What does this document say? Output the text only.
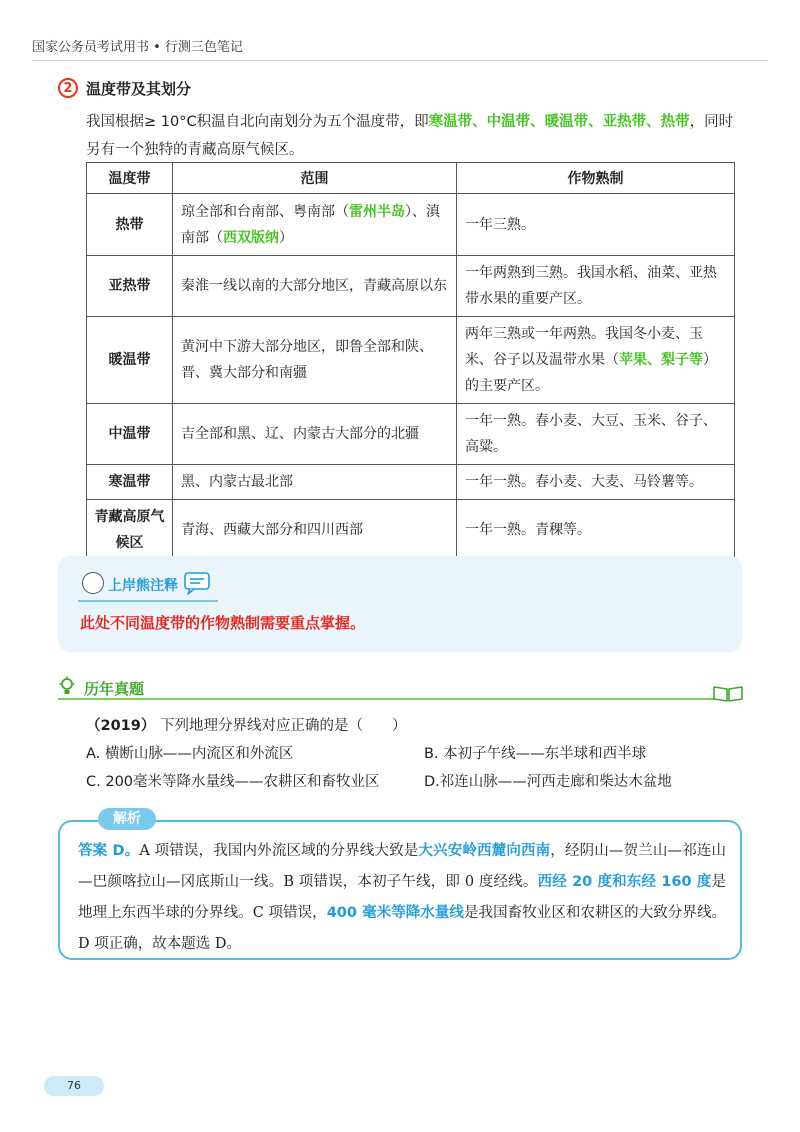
国家公务员考试用书 • 行测三色笔记
2 温度带及其划分
我国根据≥ 10°C积温自北向南划分为五个温度带，即寒温带、中温带、暖温带、亚热带、热带，同时另有一个独特的青藏高原气候区。
温度带	范围	作物熟制
热带	琼全部和台南部、粤南部（雷州半岛）、滇南部（西双版纳）	一年三熟。
亚热带	秦淮一线以南的大部分地区，青藏高原以东	一年两熟到三熟。我国水稻、油菜、亚热带水果的重要产区。
暖温带	黄河中下游大部分地区，即鲁全部和陕、晋、冀大部分和南疆	两年三熟或一年两熟。我国冬小麦、玉米、谷子以及温带水果（苹果、梨子等）的主要产区。
中温带	吉全部和黑、辽、内蒙古大部分的北疆	一年一熟。春小麦、大豆、玉米、谷子、高粱。
寒温带	黑、内蒙古最北部	一年一熟。春小麦、大麦、马铃薯等。
青藏高原气候区	青海、西藏大部分和四川西部	一年一熟。青稞等。
上岸熊注释
此处不同温度带的作物熟制需要重点掌握。
历年真题
（2019） 下列地理分界线对应正确的是（　　）
A. 横断山脉——内流区和外流区	B. 本初子午线——东半球和西半球
C. 200毫米等降水量线——农耕区和畜牧业区	D.祁连山脉——河西走廊和柴达木盆地
解析
答案 D。A 项错误，我国内外流区域的分界线大致是大兴安岭西麓向西南，经阴山—贺兰山—祁连山—巴颜喀拉山—冈底斯山一线。B 项错误，本初子午线，即 0 度经线。西经 20 度和东经 160 度是地理上东西半球的分界线。C 项错误，400 毫米等降水量线是我国畜牧业区和农耕区的大致分界线。D 项正确，故本题选 D。
76
